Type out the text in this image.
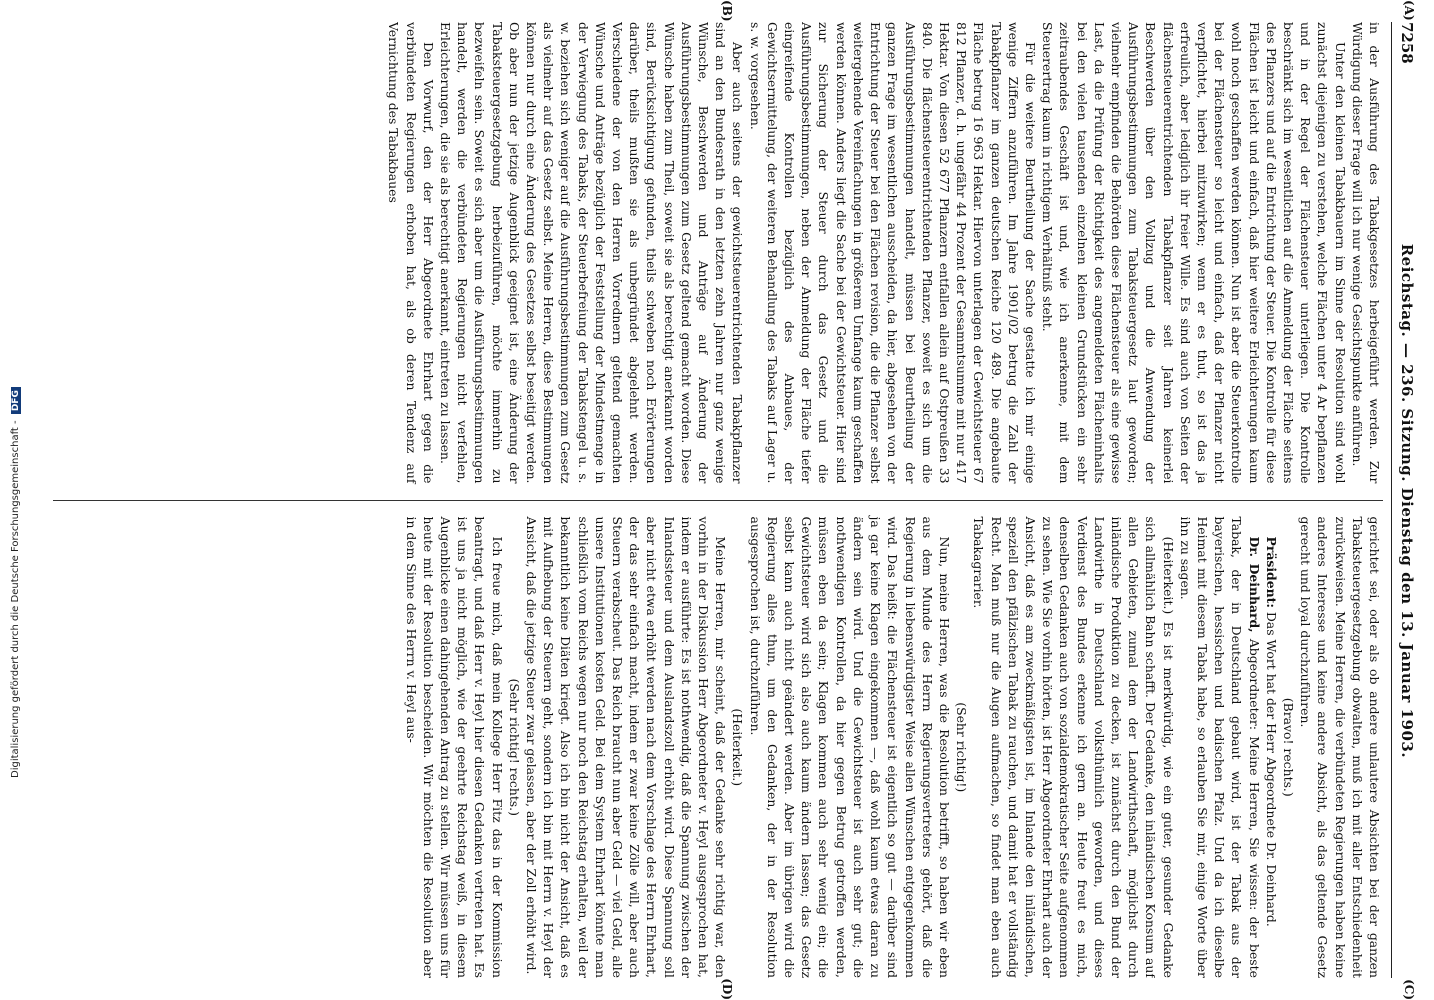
7258
Reichstag. — 236. Sitzung. Dienstag den 13. Januar 1903.

in der Ausführung des Tabakgesetzes herbeigeführt werden. Zur Würdigung dieser Frage will ich nur wenige Gesichtspunkte anführen.

Unter den kleinen Tabakbauern im Sinne der Resolution sind wohl zunächst diejenigen zu verstehen, welche Flächen unter 4 Ar bepflanzen und in der Regel der Flächensteuer unterliegen. Die Kontrolle beschränkt sich im wesentlichen auf die Anmeldung der Fläche seitens des Pflanzers und auf die Entrichtung der Steuer. Die Kontrolle für diese Flächen ist leicht und einfach, daß hier weitere Erleichterungen kaum wohl noch geschaffen werden können. Nun ist aber die Steuerkontrolle bei der Flächensteuer so leicht und einfach, daß der Pflanzer nicht verpflichtet, hierbei mitzuwirken; wenn er es thut, so ist das ja erfreulich, aber lediglich ihr freier Wille. Es sind auch von Seiten der flächensteuerentrichtenden Tabakpflanzer seit Jahren keinerlei Beschwerden über den Vollzug und die Anwendung der Ausführungsbestimmungen zum Tabaksteuergesetz laut geworden; vielmehr empfinden die Behörden diese Flächensteuer als eine gewisse Last, da die Prüfung der Richtigkeit des angemeldeten Flächeninhalts bei den vielen tausenden einzelnen kleinen Grundstücken ein sehr zeitraubendes Geschäft ist und, wie ich anerkenne, mit dem Steuerertrag kaum in richtigem Verhältniß steht.

Für die weitere Beurtheilung der Sache gestatte ich mir einige wenige Ziffern anzuführen. Im Jahre 1901/02 betrug die Zahl der Tabakpflanzer im ganzen deutschen Reiche 120 489. Die angebaute Fläche betrug 16 963 Hektar. Hiervon unterlagen der Gewichtsteuer 67 812 Pflanzer, d. h. ungefähr 44 Prozent der Gesammtsumme mit nur 417 Hektar. Von diesen 52 677 Pflanzern entfallen allein auf Ostpreußen 33 840. Die flächensteuerentrichtenden Pflanzer, soweit es sich um die Ausführungsbestimmungen handelt, müssen bei Beurtheilung der ganzen Frage im wesentlichen ausscheiden, da hier, abgesehen von der Entrichtung der Steuer bei den Flächen revision, die die Pflanzer selbst weitergehende Vereinfachungen in größerem Umfange kaum geschaffen werden können. Anders liegt die Sache bei der Gewichtsteuer. Hier sind zur Sicherung der Steuer durch das Gesetz und die Ausführungsbestimmungen, neben der Anmeldung der Fläche tiefer eingreifende Kontrollen bezüglich des Anbaues, der Gewichtsermittelung, der weiteren Behandlung des Tabaks auf Lager u. s. w. vorgesehen.

Aber auch seitens der gewichtsteuerentrichtenden Tabakpflanzer sind an den Bundesrath in den letzten zehn Jahren nur ganz wenige Wünsche, Beschwerden und Anträge auf Änderung der Ausführungsbestimmungen zum Gesetz geltend gemacht worden. Diese Wünsche haben zum Theil, soweit sie als berechtigt anerkannt worden sind, Berücksichtigung gefunden, theils schweben noch Erörterungen darüber, theils mußten sie als unbegründet abgelehnt werden. Verschiedene der von den Herren Vorrednern geltend gemachten Wünsche und Anträge bezüglich der Feststellung der Mindestmenge in der Verwiegung des Tabaks, der Steuerbefreiung der Tabakstengel u. s. w. beziehen sich weniger auf die Ausführungsbestimmungen zum Gesetz als vielmehr auf das Gesetz selbst. Meine Herren, diese Bestimmungen können nur durch eine Änderung des Gesetzes selbst beseitigt werden. Ob aber nun der jetzige Augenblick geeignet ist, eine Änderung der Tabaksteuergesetzgebung herbeizuführen, möchte immerhin zu bezweifeln sein. Soweit es sich aber um die Ausführungsbestimmungen handelt, werden die verbündeten Regierungen nicht verfehlen, Erleichterungen, die sie als berechtigt anerkannt, eintreten zu lassen.

Den Vorwurf, den der Herr Abgeordnete Ehrhart gegen die verbündeten Regierungen erhoben hat, als ob deren Tendenz auf Vernichtung des Tabakbaues

gerichtet sei, oder als ob andere unlautere Absichten bei der ganzen Tabaksteuergesetzgebung obwalten, muß ich mit aller Entschiedenheit zurückweisen. Meine Herren, die verbündeten Regierungen haben keine anderes Interesse und keine andere Absicht, als das geltende Gesetz gerecht und loyal durchzuführen.

(Bravo! rechts.)

Präsident: Das Wort hat der Herr Abgeordnete Dr. Deinhard.

Dr. Deinhard, Abgeordneter: Meine Herren, Sie wissen: der beste Tabak, der in Deutschland gebaut wird, ist der Tabak aus der bayerischen, hessischen und badischen Pfalz. Und da ich dieselbe Heimat mit diesem Tabak habe, so erlauben Sie mir, einige Worte über ihn zu sagen.

(Heiterkeit.) Es ist merkwürdig, wie ein guter, gesunder Gedanke sich allmählich Bahn schafft. Der Gedanke, den inländischen Konsum auf allen Gebieten, zumal dem der Landwirthschaft, möglichst durch inländische Produktion zu decken, ist zunächst durch den Bund der Landwirthe in Deutschland volksthümlich geworden, und dieses Verdienst des Bundes erkenne ich gern an. Heute freut es mich, denselben Gedanken auch von sozialdemokratischer Seite aufgenommen zu sehen. Wie Sie vorhin hörten, ist Herr Abgeordneter Ehrhart auch der Ansicht, daß es am zweckmäßigsten ist, im Inlande den inländischen, speziell den pfälzischen Tabak zu rauchen, und damit hat er vollständig Recht. Man muß nur die Augen aufmachen, so findet man eben auch Tabakagrarier.

(Sehr richtig!)

Nun, meine Herren, was die Resolution betrifft, so haben wir eben aus dem Munde des Herrn Regierungsvertreters gehört, daß die Regierung in liebenswürdigster Weise allen Wünschen entgegenkommen wird. Das heißt: die Flächensteuer ist eigentlich so gut — darüber sind ja gar keine Klagen eingekommen —, daß wohl kaum etwas daran zu ändern sein wird. Und die Gewichtsteuer ist auch sehr gut; die nothwendigen Kontrollen, da hier gegen Betrug getroffen werden, müssen eben da sein; Klagen kommen auch sehr wenig ein; die Gewichtsteuer wird sich also auch kaum ändern lassen; das Gesetz selbst kann auch nicht geändert werden. Aber im übrigen wird die Regierung alles thun, um den Gedanken, der in der Resolution ausgesprochen ist, durchzuführen.

(Heiterkeit.)

Meine Herren, mir scheint, daß der Gedanke sehr richtig war, den vorhin in der Diskussion Herr Abgeordneter v. Heyl ausgesprochen hat, indem er ausführte: Es ist nothwendig, daß die Spannung zwischen der Inlandssteuer und dem Auslandszoll erhöht wird. Diese Spannung soll aber nicht etwa erhöht werden nach dem Vorschlage des Herrn Ehrhart, der das sehr einfach macht, indem er zwar keine Zölle will, aber auch Steuern verabscheut. Das Reich braucht nun aber Geld — viel Geld, alle unsere Institutionen kosten Geld. Bei dem System Ehrhart könnte man schließlich vom Reichs wegen nur noch den Reichstag erhalten, weil der bekanntlich keine Diäten kriegt. Also ich bin nicht der Ansicht, daß es mit Aufhebung der Steuern geht, sondern ich bin mit Herrn v. Heyl der Ansicht, daß die jetzige Steuer zwar gelassen, aber der Zoll erhöht wird.

(Sehr richtig! rechts.)

Ich freue mich, daß mein Kollege Herr Fitz das in der Kommission beantragt, und daß Herr v. Heyl hier diesen Gedanken vertreten hat. Es ist uns ja nicht möglich, wie der geehrte Reichstag weiß, in diesem Augenblicke einen dahingehenden Antrag zu stellen. Wir müssen uns für heute mit der Resolution bescheiden. Wir möchten die Resolution aber in dem Sinne des Herrn v. Heyl aus-

(A)
(B)
(C)
(D)
Digitalisierung gefördert durch die Deutsche Forschungsgemeinschaft - DFG
